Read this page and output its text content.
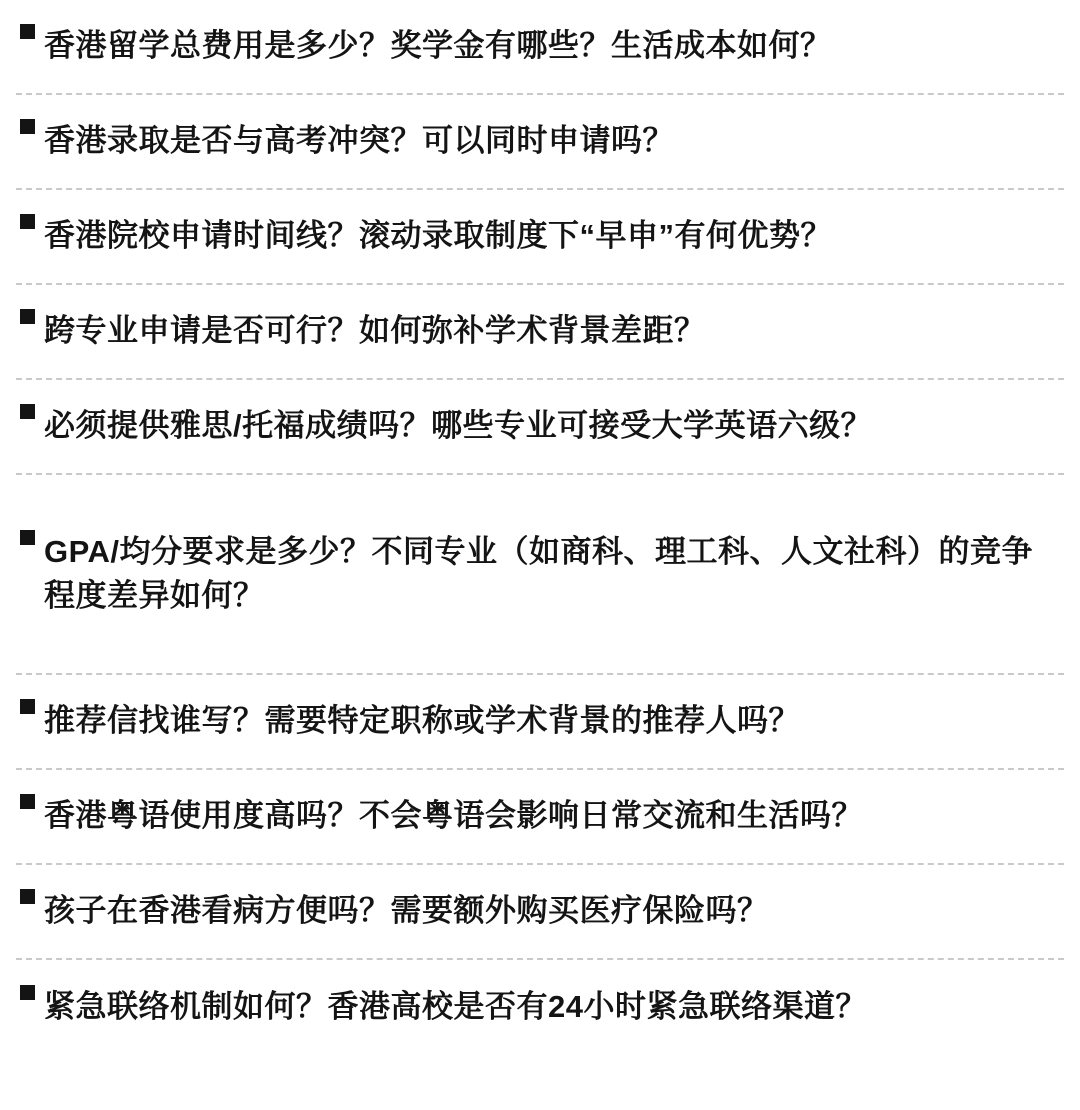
香港留学总费用是多少？奖学金有哪些？生活成本如何？
香港录取是否与高考冲突？可以同时申请吗？
香港院校申请时间线？滚动录取制度下“早申”有何优势？
跨专业申请是否可行？如何弥补学术背景差距？
必须提供雅思/托福成绩吗？哪些专业可接受大学英语六级？
GPA/均分要求是多少？不同专业（如商科、理工科、人文社科）的竞争程度差异如何？
推荐信找谁写？需要特定职称或学术背景的推荐人吗？
香港粤语使用度高吗？不会粤语会影响日常交流和生活吗？
孩子在香港看病方便吗？需要额外购买医疗保险吗？
紧急联络机制如何？香港高校是否有24小时紧急联络渠道？
